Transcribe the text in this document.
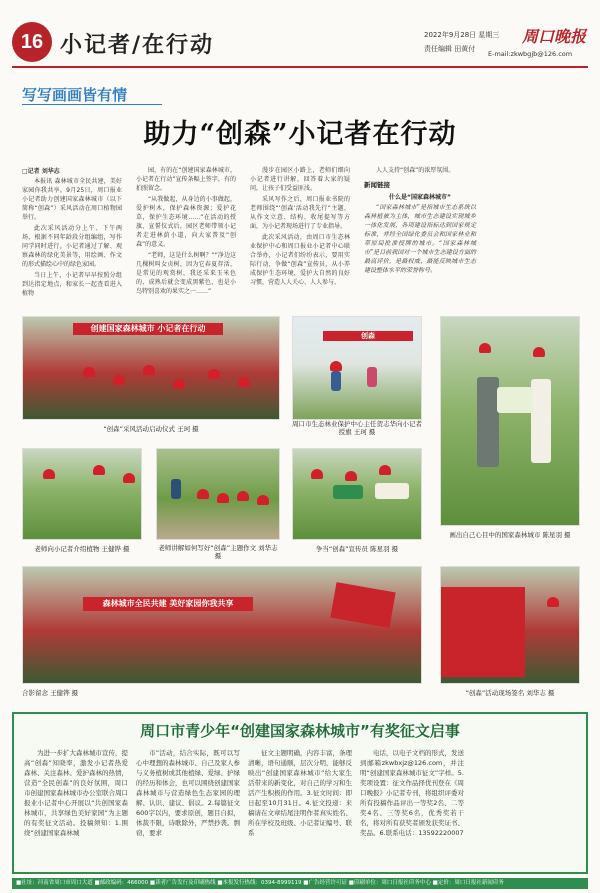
16 小记者/在行动	2022年9月28日 星期三
责任编辑 田黄付
周口晚报
E-mail:zkwbgjb@126.com
写写画画皆有情
助力“创森”小记者在行动

□记者 刘华志

本报讯 森林城市全民共建，美好家园你我共享。9月25日，周口报业小记者助力创建国家森林城市（以下简称“创森”）采风活动在周口植物园举行。

此次采风活动分上午、下午两场，根据不同年龄段分组编组，写作同学同时进行。小记者通过了解、观察森林的绿化美景等，用绘画、作文的形式描绘心中的绿色家园。

当日上午，小记者早早按照分组到达指定地点，和家长一起查看进入植物

园，有的在“创建国家森林城市，小记者在行动”宣传条幅上签字，有的拍照留念。

“从我做起，从身边的小事做起，爱护树木，保护森林资源；爱护花草，保护生态环境……”在活动的授旗、宣誓仪式后，园区老师带领小记者走进林荫小道，向大家普及“创森”的意义。

“老师，这是什么树啊？”“净边这几棵树叫女贞树，因为它春夏存活，是常见的观赏树，我还采来玉米色的，成熟后就会变成黑紫色，也是小鸟特别喜欢的果实之一……”

漫步在园区小路上，老师们细向小记者进行讲解，回答着大家的疑问，让孩子们受益匪浅。

采风写作之后，周口报业书院的老师围绕“‘创森’活动我先行”主题，从作文立意、结构、收尾提写等方面，为小记者现场进行了专业指导。

此次采风活动，由周口市生态林业保护中心和周口报业小记者中心联合举办，小记者们纷纷表示，要用实际行动，争做“创森”宣传员，从小养成保护生态环境，爱护大自然的良好习惯，营造人人关心、人人参与、

人人支持“创森”的浓厚氛围。

新闻链接
什么是“国家森林城市”

“国家森林城市”是指城市生态系统以森林植被为主体，城市生态建设实现城乡一体化发展，各项建设指标达到国家规定标准，并经全国绿化委员会和国家林业和草原局批准授牌的城市。“国家森林城市”是目前我国对一个城市生态建设方面的最高评价，是最权威、最能反映城市生态建设整体水平的荣誉称号。

创建国家森林城市 小记者在行动
“创森”采风活动启动仪式 王珂 摄
创森
周口市生态林业保护中心主任贺志华向小记者授旗 王珂 摄
画出自己心目中的国家森林城市 陈星羽 摄
老师向小记者介绍植物 王健铧 摄	老师讲解如何写好“创森”主题作文 刘华志 摄
争当“创森”宣传员 陈星羽 摄
森林城市全民共建 美好家园你我共享
合影留念 王健铧 摄	“创森”活动现场签名 刘华志 摄
周口市青少年“创建国家森林城市”有奖征文启事

为进一步扩大森林城市宣传，提高“创森”知晓率，激发小记者热爱森林、关注森林、爱护森林的热情，营造“全民创森”的良好氛围，周口市创建国家森林城市办公室联合周口报业小记者中心开展以“共创国家森林城市，共享绿色美好家园”为主题的有奖征文活动。投稿须知：1.围绕“创建国家森林城

市”活动，结合实际，既可以写心中理想的森林城市、自己及家人参与义务植树或其他植绿、爱绿、护绿的经历和体会，也可以围绕创建国家森林城市与营造绿色生态家园的理解、认识、建议、倡议。2.每篇征文600字以内，要求原创，题目自拟，体裁不限，诗歌除外，严禁抄袭。剽窃，要求

征文主题明确，内容丰富，条理清晰，语句通顺，层次分明，能够反映出“创建国家森林城市”给大家生活带来的新变化，对自己的学习和生活产生积极的作用。3.征文时间：即日起至10月31日。4.征文投递：来稿请在文章结尾注明作者真实姓名、所在学校及班级、小记者证编号、联系

电话，以电子文档的形式，发送到邮箱zkwbxjz@126.com，并注明“创建国家森林城市征文”字样。5.奖项设置：征文作品择优刊登在《周口晚报》小记者专刊，将组织评委对所有投稿作品评出一等奖2名、二等奖4名、三等奖6名，优秀奖若干名，将对所有获奖者颁发获奖证书、奖品。6.联系电话：13592220007

■社址：河南省周口市周口大道 ■邮政编码：466000 ■读者广告发行及印刷热线 ■本报发行热线：0394-8999119 ■广告经营许可证 ■印刷单位：周口日报社印务中心 ■定价：周口日报社新闻印务
